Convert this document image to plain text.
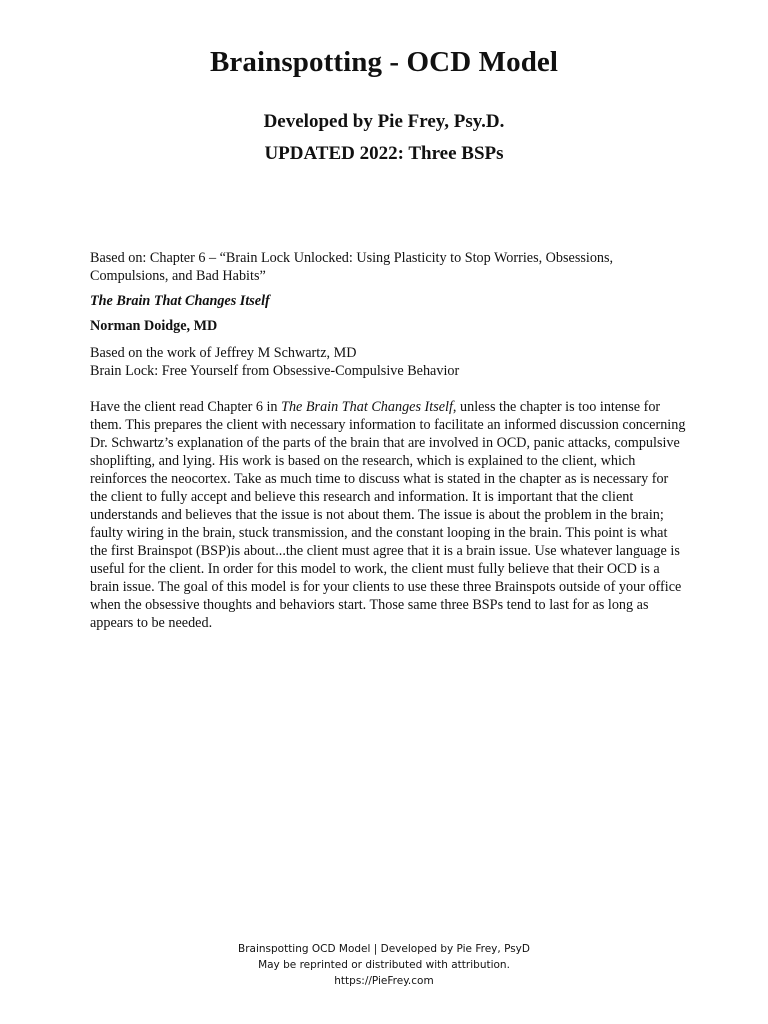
Brainspotting - OCD Model
Developed by Pie Frey, Psy.D.
UPDATED 2022: Three BSPs
Based on: Chapter 6 – “Brain Lock Unlocked: Using Plasticity to Stop Worries, Obsessions,
Compulsions, and Bad Habits”
The Brain That Changes Itself
Norman Doidge, MD
Based on the work of Jeffrey M Schwartz, MD
Brain Lock: Free Yourself from Obsessive-Compulsive Behavior
Have the client read Chapter 6 in The Brain That Changes Itself, unless the chapter is too intense for them. This prepares the client with necessary information to facilitate an informed discussion concerning Dr. Schwartz’s explanation of the parts of the brain that are involved in OCD, panic attacks, compulsive shoplifting, and lying. His work is based on the research, which is explained to the client, which reinforces the neocortex. Take as much time to discuss what is stated in the chapter as is necessary for the client to fully accept and believe this research and information. It is important that the client understands and believes that the issue is not about them. The issue is about the problem in the brain; faulty wiring in the brain, stuck transmission, and the constant looping in the brain. This point is what the first Brainspot (BSP)is about...the client must agree that it is a brain issue. Use whatever language is useful for the client. In order for this model to work, the client must fully believe that their OCD is a brain issue. The goal of this model is for your clients to use these three Brainspots outside of your office when the obsessive thoughts and behaviors start. Those same three BSPs tend to last for as long as appears to be needed.
Brainspotting OCD Model | Developed by Pie Frey, PsyD
May be reprinted or distributed with attribution.
https://PieFrey.com
